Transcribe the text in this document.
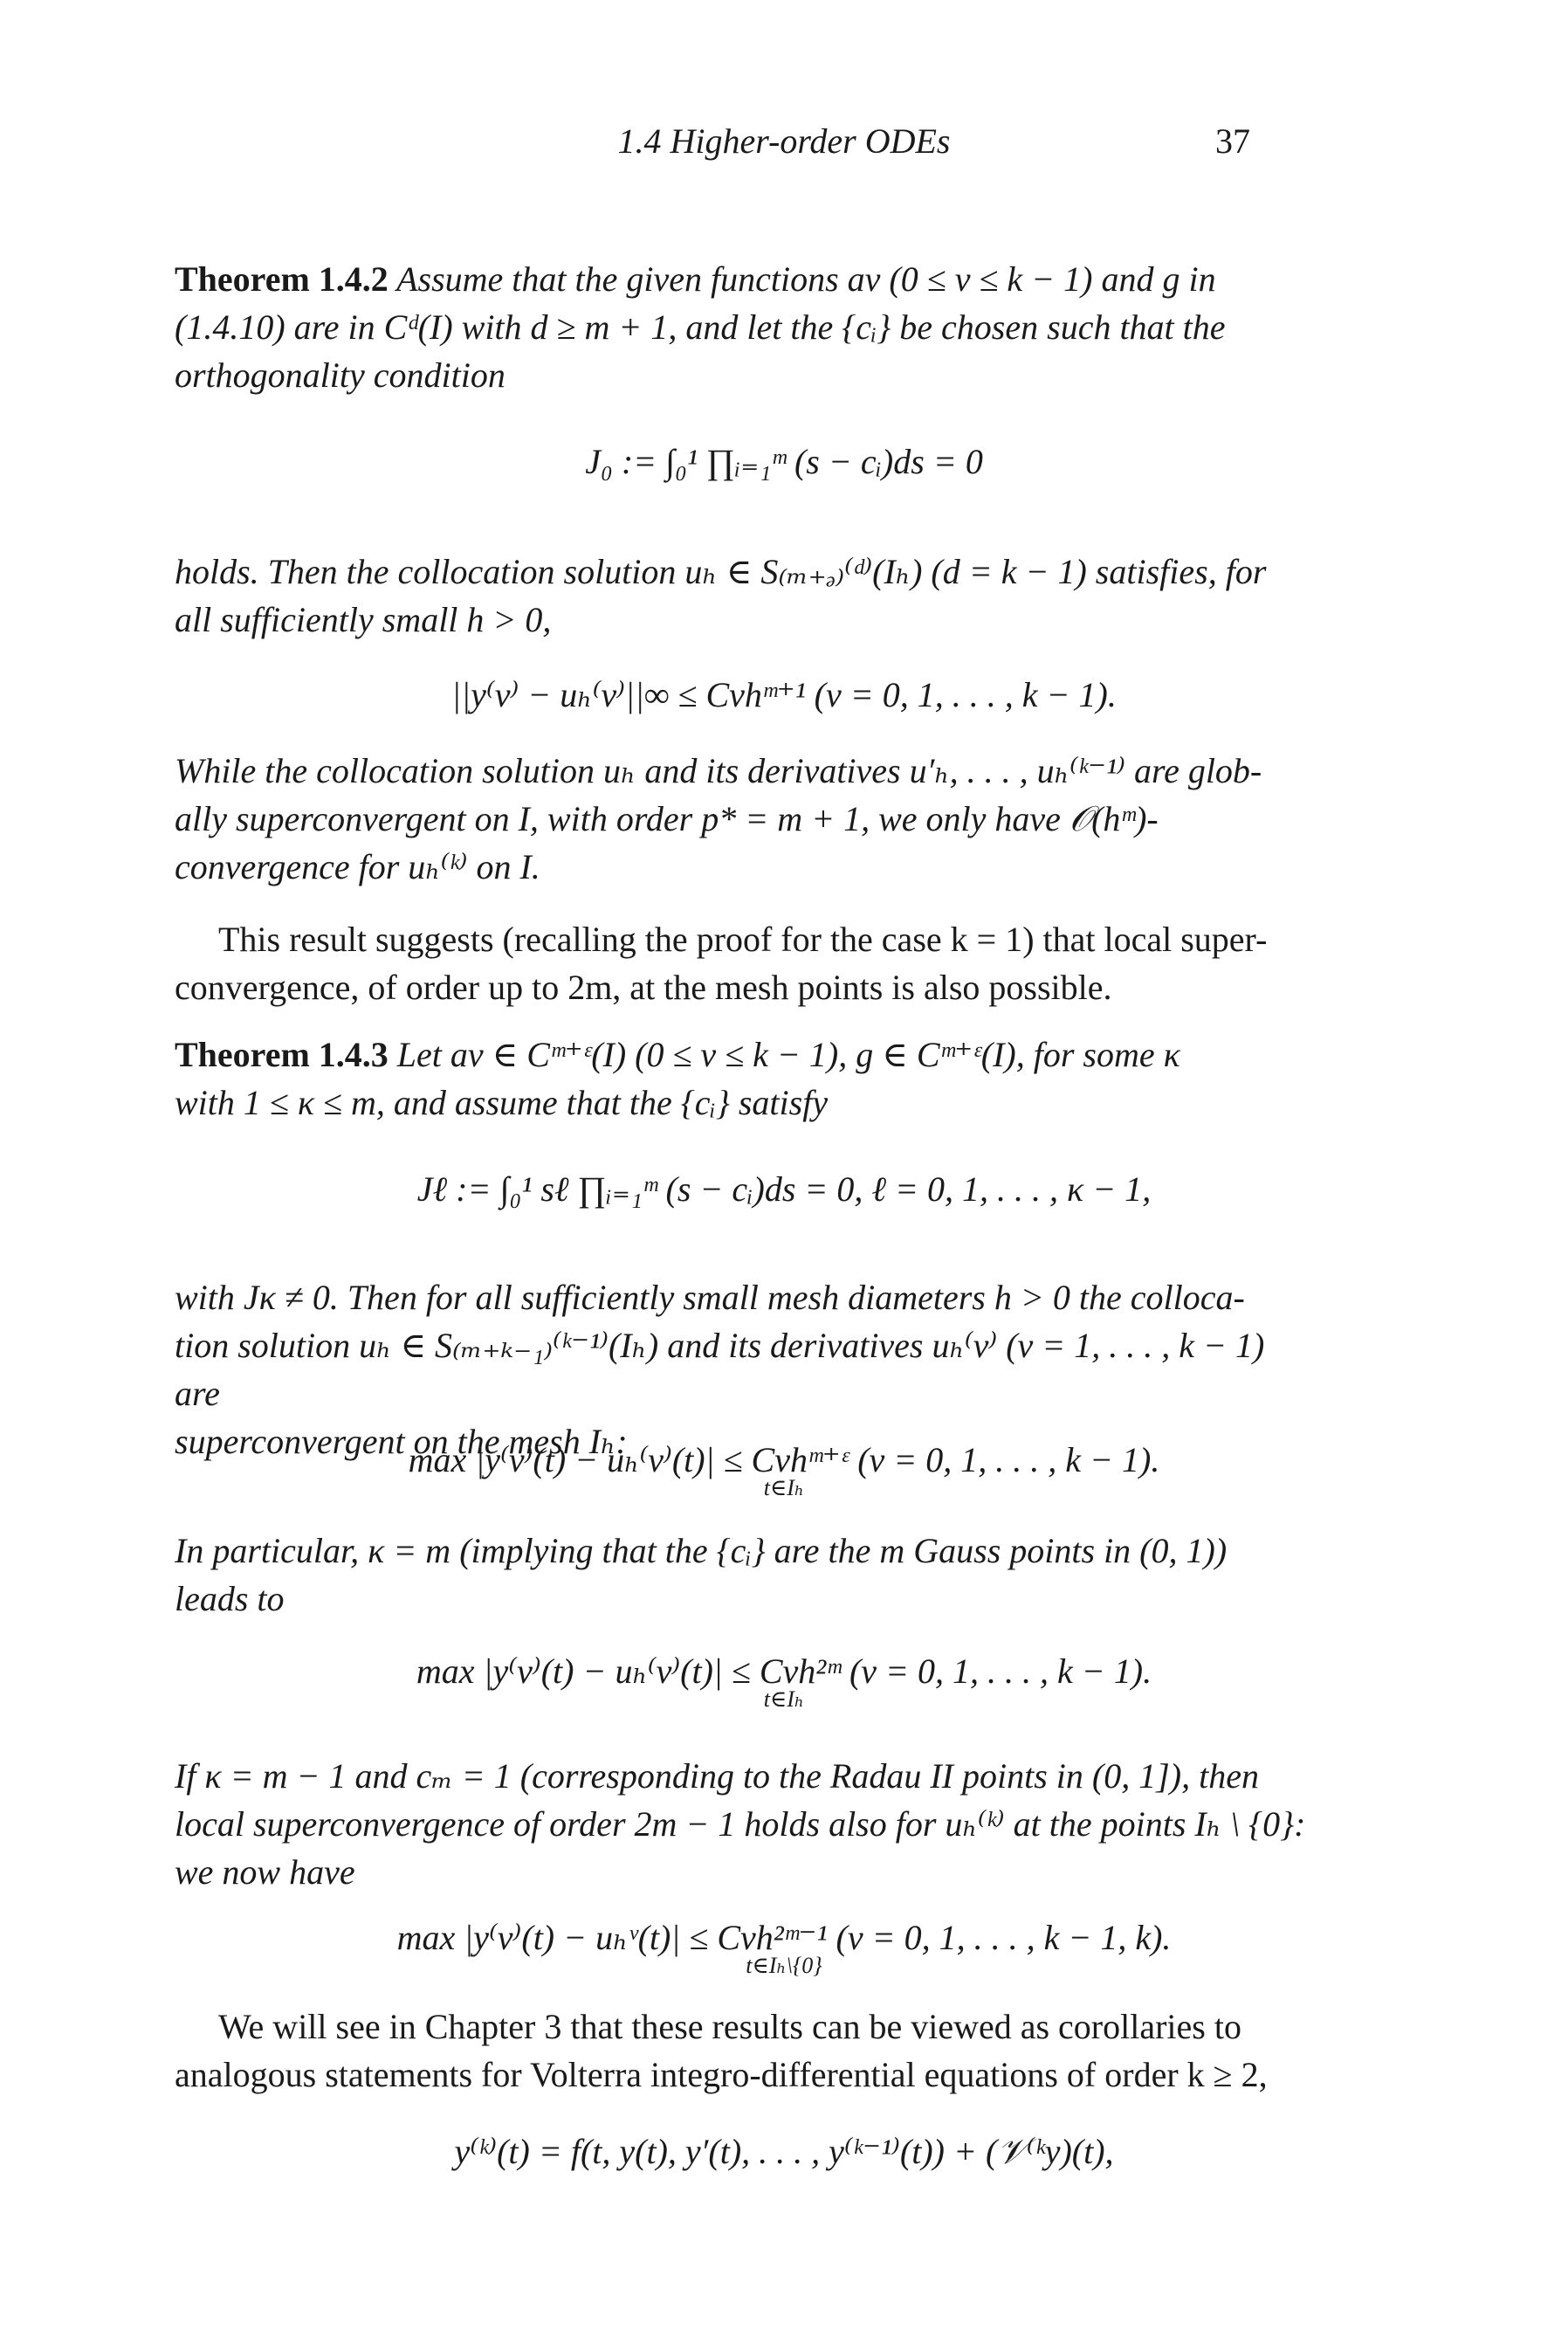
1.4 Higher-order ODEs	37

Theorem 1.4.2 Assume that the given functions aν (0 ≤ ν ≤ k − 1) and g in

(1.4.10) are in Cᵈ(I) with d ≥ m + 1, and let the {cᵢ} be chosen such that the

orthogonality condition

J₀ := ∫₀¹ ∏ᵢ₌₁ᵐ (s − cᵢ)ds = 0

holds. Then the collocation solution uₕ ∈ S₍ₘ₊ₔ₎⁽ᵈ⁾(Iₕ) (d = k − 1) satisfies, for

all sufficiently small h > 0,

||y⁽ν⁾ − uₕ⁽ν⁾||∞ ≤ Cνhᵐ⁺¹ (ν = 0, 1, . . . , k − 1).

While the collocation solution uₕ and its derivatives u′ₕ, . . . , uₕ⁽ᵏ⁻¹⁾ are glob-

ally superconvergent on I, with order p* = m + 1, we only have 𝒪(hᵐ)-

convergence for uₕ⁽ᵏ⁾ on I.

This result suggests (recalling the proof for the case k = 1) that local super-

convergence, of order up to 2m, at the mesh points is also possible.

Theorem 1.4.3 Let aν ∈ Cᵐ⁺ᵋ(I) (0 ≤ ν ≤ k − 1), g ∈ Cᵐ⁺ᵋ(I), for some κ

with 1 ≤ κ ≤ m, and assume that the {cᵢ} satisfy

Jℓ := ∫₀¹ sℓ ∏ᵢ₌₁ᵐ (s − cᵢ)ds = 0, ℓ = 0, 1, . . . , κ − 1,

with Jκ ≠ 0. Then for all sufficiently small mesh diameters h > 0 the colloca-

tion solution uₕ ∈ S₍ₘ₊ₖ₋₁₎⁽ᵏ⁻¹⁾(Iₕ) and its derivatives uₕ⁽ν⁾ (ν = 1, . . . , k − 1) are

superconvergent on the mesh Iₕ:

max |y⁽ν⁾(t) − uₕ⁽ν⁾(t)| ≤ Cνhᵐ⁺ᵋ (ν = 0, 1, . . . , k − 1).
t∈Iₕ

In particular, κ = m (implying that the {cᵢ} are the m Gauss points in (0, 1))

leads to

max |y⁽ν⁾(t) − uₕ⁽ν⁾(t)| ≤ Cνh²ᵐ (ν = 0, 1, . . . , k − 1).
t∈Iₕ

If κ = m − 1 and cₘ = 1 (corresponding to the Radau II points in (0, 1]), then

local superconvergence of order 2m − 1 holds also for uₕ⁽ᵏ⁾ at the points Iₕ \ {0}:

we now have

max |y⁽ν⁾(t) − uₕᵛ(t)| ≤ Cνh²ᵐ⁻¹ (ν = 0, 1, . . . , k − 1, k).
t∈Iₕ\{0}

We will see in Chapter 3 that these results can be viewed as corollaries to

analogous statements for Volterra integro-differential equations of order k ≥ 2,

y⁽ᵏ⁾(t) = f(t, y(t), y′(t), . . . , y⁽ᵏ⁻¹⁾(t)) + (𝒱⁽ᵏy)(t),
